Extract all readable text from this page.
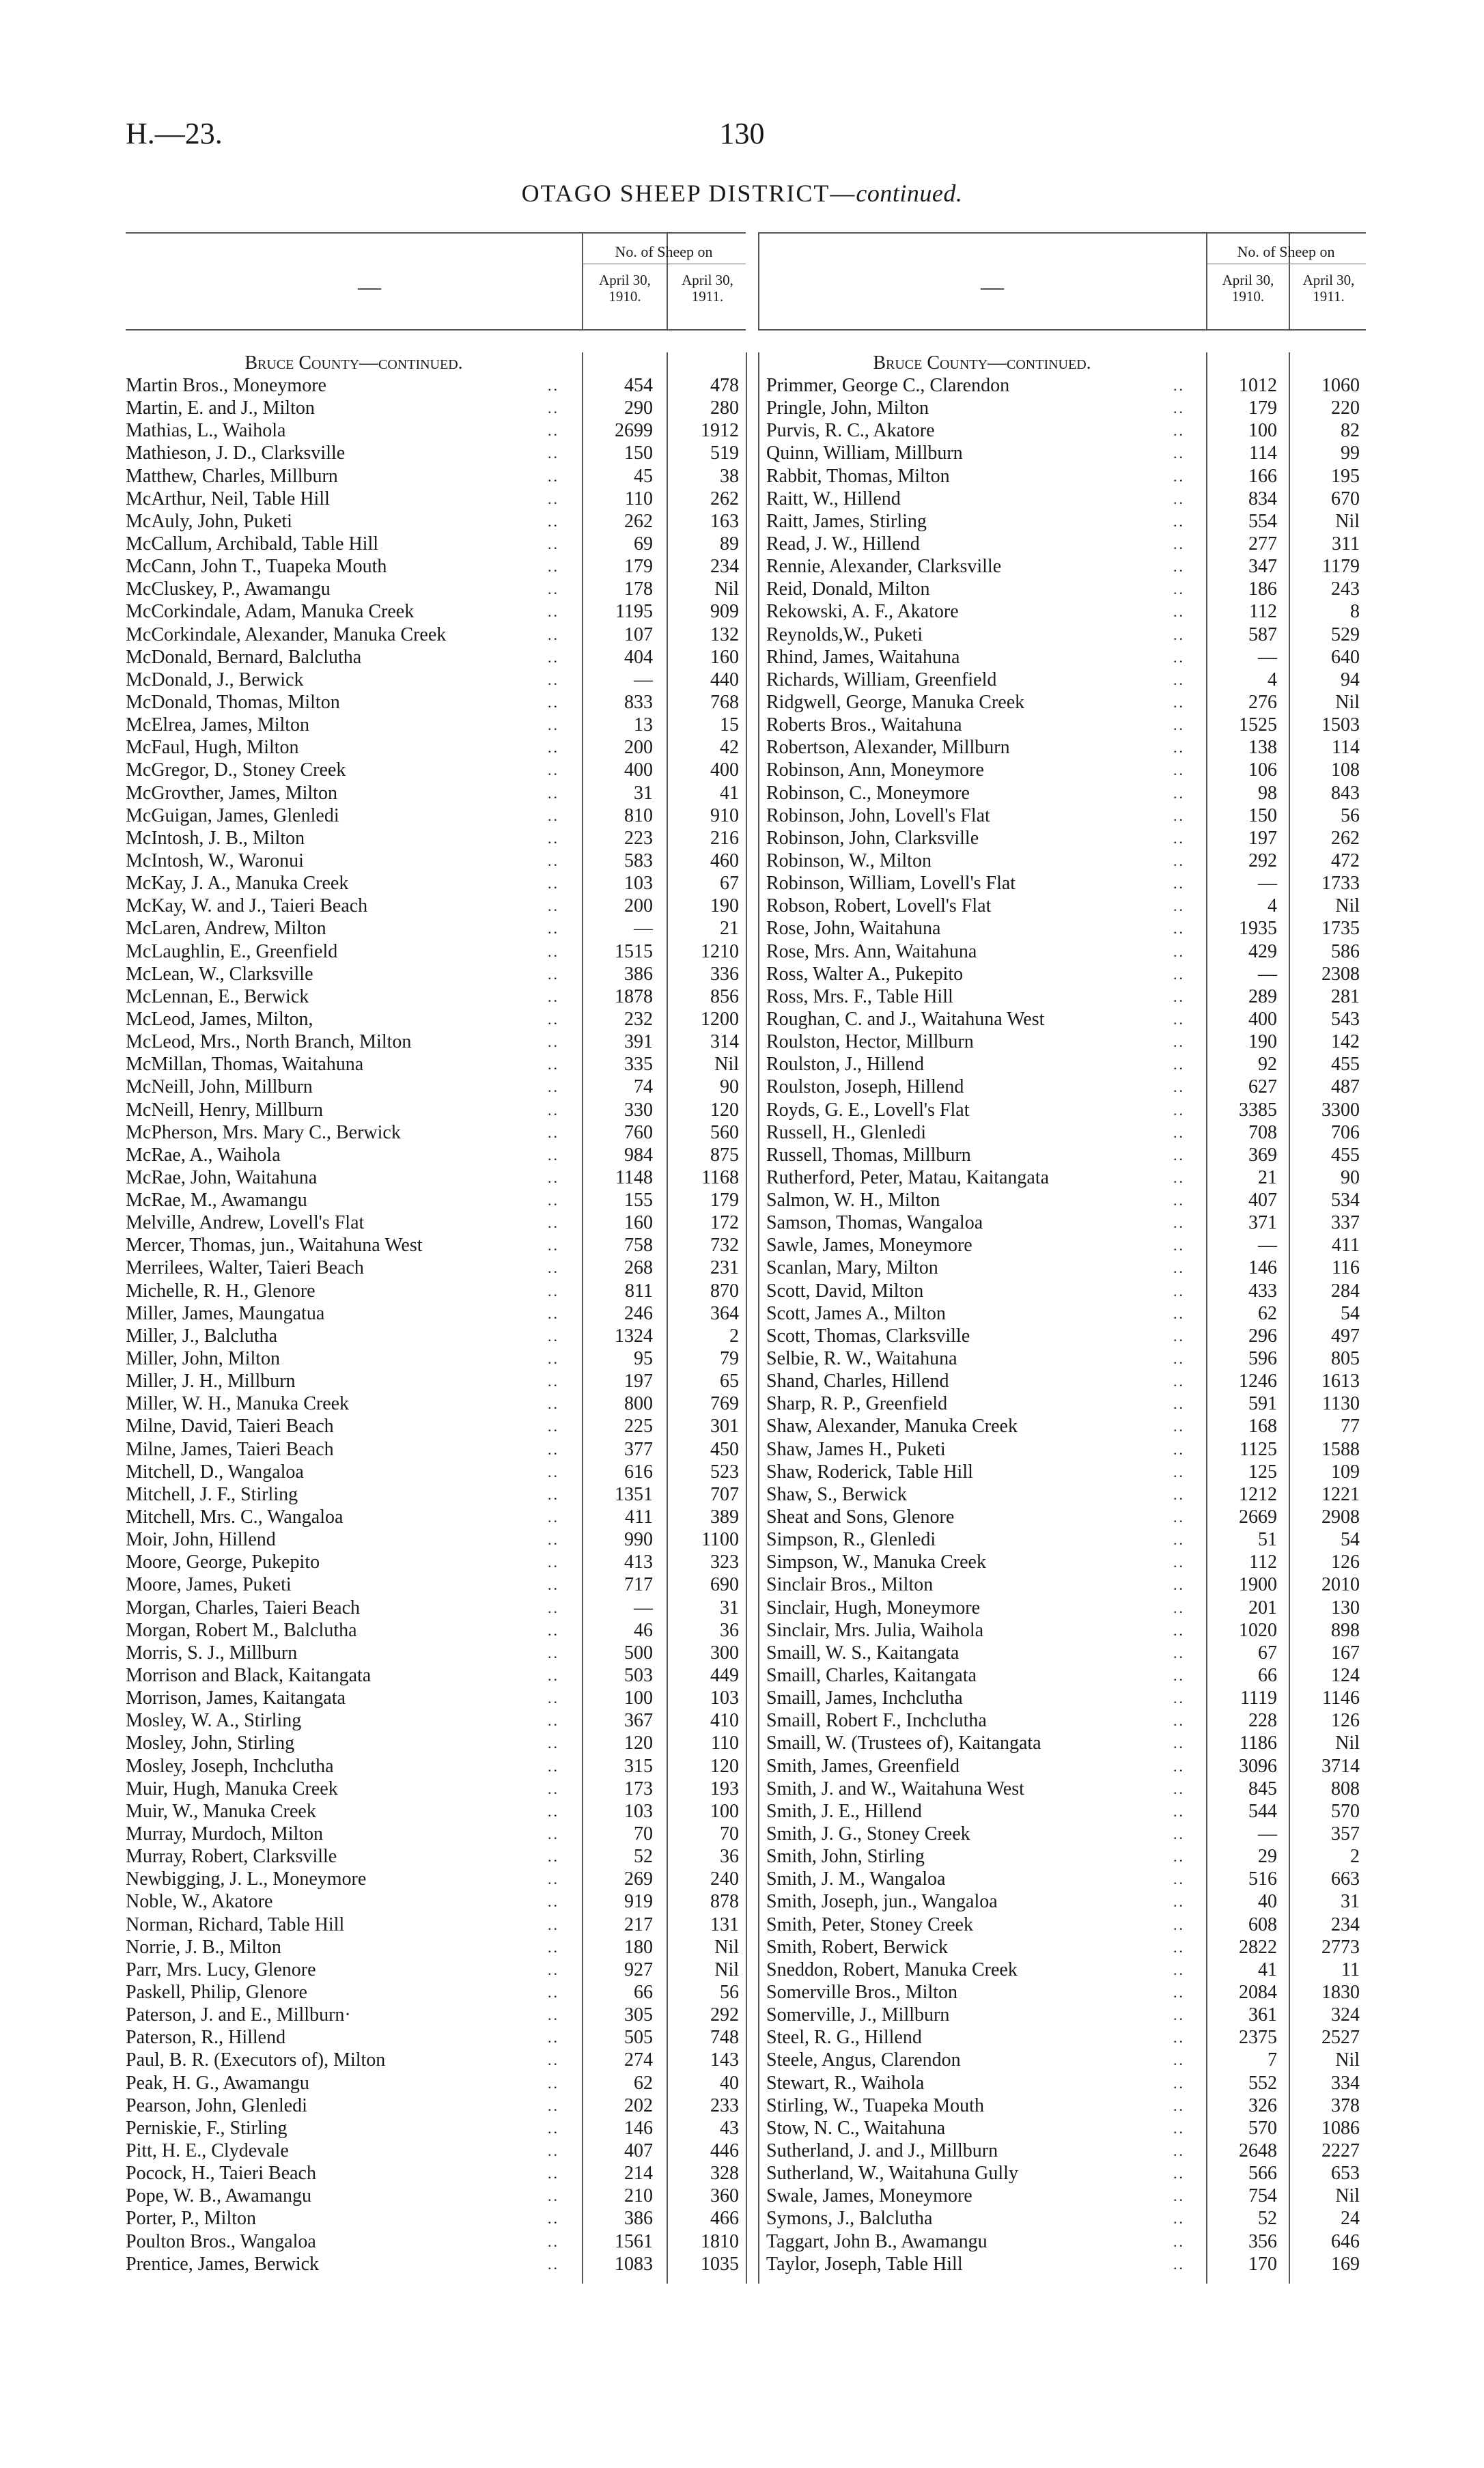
H.—23.	130
OTAGO SHEEP DISTRICT—continued.
—
No. of Sheep on
April 30, 1910.
April 30, 1911.
Bruce County—continued.
Martin Bros., Moneymore	454	478
..
Martin, E. and J., Milton	290	280
..
Mathias, L., Waihola	2699	1912
..
Mathieson, J. D., Clarksville	150	519
..
Matthew, Charles, Millburn	45	38
..
McArthur, Neil, Table Hill	110	262
..
McAuly, John, Puketi	262	163
..
McCallum, Archibald, Table Hill	69	89
..
McCann, John T., Tuapeka Mouth	179	234
..
McCluskey, P., Awamangu	178	Nil
..
McCorkindale, Adam, Manuka Creek	1195	909
..
McCorkindale, Alexander, Manuka Creek	107	132
..
McDonald, Bernard, Balclutha	404	160
..
McDonald, J., Berwick	—	440
..
McDonald, Thomas, Milton	833	768
..
McElrea, James, Milton	13	15
..
McFaul, Hugh, Milton	200	42
..
McGregor, D., Stoney Creek	400	400
..
McGrovther, James, Milton	31	41
..
McGuigan, James, Glenledi	810	910
..
McIntosh, J. B., Milton	223	216
..
McIntosh, W., Waronui	583	460
..
McKay, J. A., Manuka Creek	103	67
..
McKay, W. and J., Taieri Beach	200	190
..
McLaren, Andrew, Milton	—	21
..
McLaughlin, E., Greenfield	1515	1210
..
McLean, W., Clarksville	386	336
..
McLennan, E., Berwick	1878	856
..
McLeod, James, Milton,	232	1200
..
McLeod, Mrs., North Branch, Milton	391	314
..
McMillan, Thomas, Waitahuna	335	Nil
..
McNeill, John, Millburn	74	90
..
McNeill, Henry, Millburn	330	120
..
McPherson, Mrs. Mary C., Berwick	760	560
..
McRae, A., Waihola	984	875
..
McRae, John, Waitahuna	1148	1168
..
McRae, M., Awamangu	155	179
..
Melville, Andrew, Lovell's Flat	160	172
..
Mercer, Thomas, jun., Waitahuna West	758	732
..
Merrilees, Walter, Taieri Beach	268	231
..
Michelle, R. H., Glenore	811	870
..
Miller, James, Maungatua	246	364
..
Miller, J., Balclutha	1324	2
..
Miller, John, Milton	95	79
..
Miller, J. H., Millburn	197	65
..
Miller, W. H., Manuka Creek	800	769
..
Milne, David, Taieri Beach	225	301
..
Milne, James, Taieri Beach	377	450
..
Mitchell, D., Wangaloa	616	523
..
Mitchell, J. F., Stirling	1351	707
..
Mitchell, Mrs. C., Wangaloa	411	389
..
Moir, John, Hillend	990	1100
..
Moore, George, Pukepito	413	323
..
Moore, James, Puketi	717	690
..
Morgan, Charles, Taieri Beach	—	31
..
Morgan, Robert M., Balclutha	46	36
..
Morris, S. J., Millburn	500	300
..
Morrison and Black, Kaitangata	503	449
..
Morrison, James, Kaitangata	100	103
..
Mosley, W. A., Stirling	367	410
..
Mosley, John, Stirling	120	110
..
Mosley, Joseph, Inchclutha	315	120
..
Muir, Hugh, Manuka Creek	173	193
..
Muir, W., Manuka Creek	103	100
..
Murray, Murdoch, Milton	70	70
..
Murray, Robert, Clarksville	52	36
..
Newbigging, J. L., Moneymore	269	240
..
Noble, W., Akatore	919	878
..
Norman, Richard, Table Hill	217	131
..
Norrie, J. B., Milton	180	Nil
..
Parr, Mrs. Lucy, Glenore	927	Nil
..
Paskell, Philip, Glenore	66	56
..
Paterson, J. and E., Millburn·	305	292
..
Paterson, R., Hillend	505	748
..
Paul, B. R. (Executors of), Milton	274	143
..
Peak, H. G., Awamangu	62	40
..
Pearson, John, Glenledi	202	233
..
Perniskie, F., Stirling	146	43
..
Pitt, H. E., Clydevale	407	446
..
Pocock, H., Taieri Beach	214	328
..
Pope, W. B., Awamangu	210	360
..
Porter, P., Milton	386	466
..
Poulton Bros., Wangaloa	1561	1810
..
Prentice, James, Berwick	1083	1035
..
—
No. of Sheep on
April 30, 1910.
April 30, 1911.
Bruce County—continued.
Primmer, George C., Clarendon	1012	1060
..
Pringle, John, Milton	179	220
..
Purvis, R. C., Akatore	100	82
..
Quinn, William, Millburn	114	99
..
Rabbit, Thomas, Milton	166	195
..
Raitt, W., Hillend	834	670
..
Raitt, James, Stirling	554	Nil
..
Read, J. W., Hillend	277	311
..
Rennie, Alexander, Clarksville	347	1179
..
Reid, Donald, Milton	186	243
..
Rekowski, A. F., Akatore	112	8
..
Reynolds,W., Puketi	587	529
..
Rhind, James, Waitahuna	—	640
..
Richards, William, Greenfield	4	94
..
Ridgwell, George, Manuka Creek	276	Nil
..
Roberts Bros., Waitahuna	1525	1503
..
Robertson, Alexander, Millburn	138	114
..
Robinson, Ann, Moneymore	106	108
..
Robinson, C., Moneymore	98	843
..
Robinson, John, Lovell's Flat	150	56
..
Robinson, John, Clarksville	197	262
..
Robinson, W., Milton	292	472
..
Robinson, William, Lovell's Flat	—	1733
..
Robson, Robert, Lovell's Flat	4	Nil
..
Rose, John, Waitahuna	1935	1735
..
Rose, Mrs. Ann, Waitahuna	429	586
..
Ross, Walter A., Pukepito	—	2308
..
Ross, Mrs. F., Table Hill	289	281
..
Roughan, C. and J., Waitahuna West	400	543
..
Roulston, Hector, Millburn	190	142
..
Roulston, J., Hillend	92	455
..
Roulston, Joseph, Hillend	627	487
..
Royds, G. E., Lovell's Flat	3385	3300
..
Russell, H., Glenledi	708	706
..
Russell, Thomas, Millburn	369	455
..
Rutherford, Peter, Matau, Kaitangata	21	90
..
Salmon, W. H., Milton	407	534
..
Samson, Thomas, Wangaloa	371	337
..
Sawle, James, Moneymore	—	411
..
Scanlan, Mary, Milton	146	116
..
Scott, David, Milton	433	284
..
Scott, James A., Milton	62	54
..
Scott, Thomas, Clarksville	296	497
..
Selbie, R. W., Waitahuna	596	805
..
Shand, Charles, Hillend	1246	1613
..
Sharp, R. P., Greenfield	591	1130
..
Shaw, Alexander, Manuka Creek	168	77
..
Shaw, James H., Puketi	1125	1588
..
Shaw, Roderick, Table Hill	125	109
..
Shaw, S., Berwick	1212	1221
..
Sheat and Sons, Glenore	2669	2908
..
Simpson, R., Glenledi	51	54
..
Simpson, W., Manuka Creek	112	126
..
Sinclair Bros., Milton	1900	2010
..
Sinclair, Hugh, Moneymore	201	130
..
Sinclair, Mrs. Julia, Waihola	1020	898
..
Smaill, W. S., Kaitangata	67	167
..
Smaill, Charles, Kaitangata	66	124
..
Smaill, James, Inchclutha	1119	1146
..
Smaill, Robert F., Inchclutha	228	126
..
Smaill, W. (Trustees of), Kaitangata	1186	Nil
..
Smith, James, Greenfield	3096	3714
..
Smith, J. and W., Waitahuna West	845	808
..
Smith, J. E., Hillend	544	570
..
Smith, J. G., Stoney Creek	—	357
..
Smith, John, Stirling	29	2
..
Smith, J. M., Wangaloa	516	663
..
Smith, Joseph, jun., Wangaloa	40	31
..
Smith, Peter, Stoney Creek	608	234
..
Smith, Robert, Berwick	2822	2773
..
Sneddon, Robert, Manuka Creek	41	11
..
Somerville Bros., Milton	2084	1830
..
Somerville, J., Millburn	361	324
..
Steel, R. G., Hillend	2375	2527
..
Steele, Angus, Clarendon	7	Nil
..
Stewart, R., Waihola	552	334
..
Stirling, W., Tuapeka Mouth	326	378
..
Stow, N. C., Waitahuna	570	1086
..
Sutherland, J. and J., Millburn	2648	2227
..
Sutherland, W., Waitahuna Gully	566	653
..
Swale, James, Moneymore	754	Nil
..
Symons, J., Balclutha	52	24
..
Taggart, John B., Awamangu	356	646
..
Taylor, Joseph, Table Hill	170	169
..
